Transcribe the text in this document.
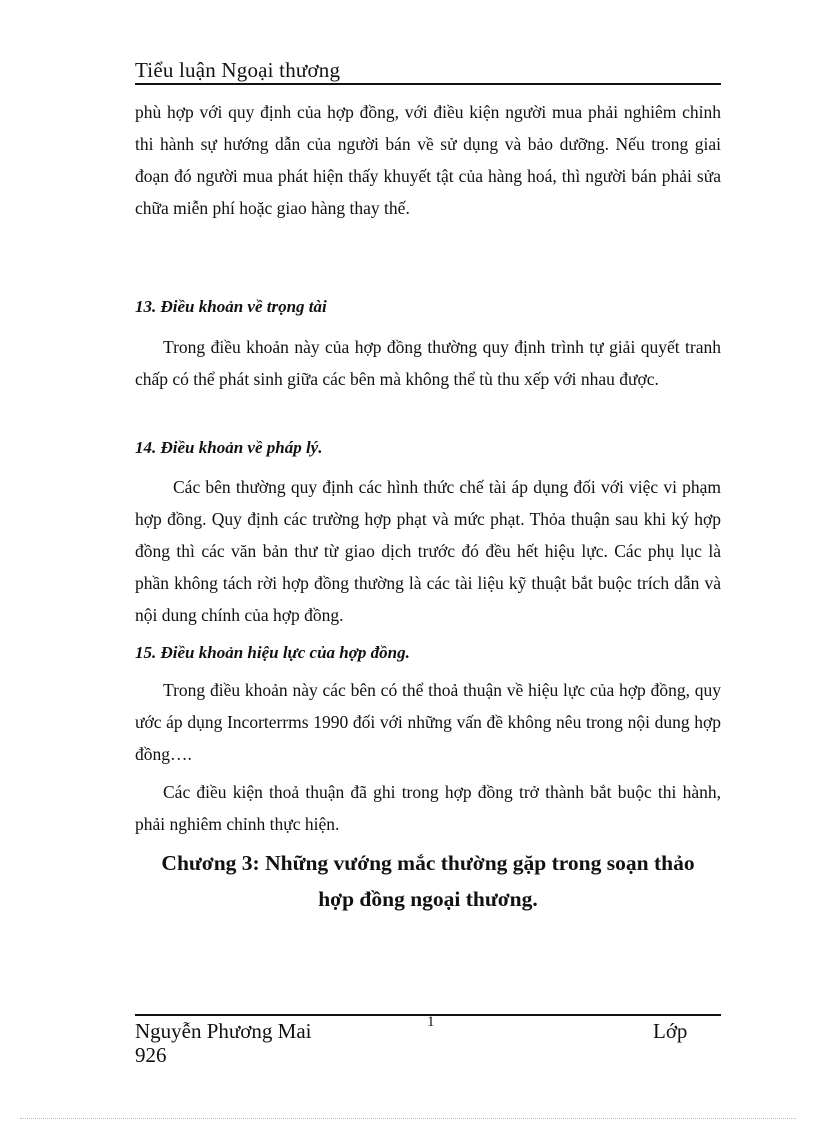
Tiểu luận Ngoại thương

phù hợp với quy định của hợp đồng, với điều kiện người mua phải nghiêm chỉnh thi hành sự hướng dẫn của người bán về sử dụng và bảo dưỡng. Nếu trong giai đoạn đó người mua phát hiện thấy khuyết tật của hàng hoá, thì người bán phải sửa chữa miễn phí hoặc giao hàng thay thế.

13. Điều khoản về trọng tài

Trong điều khoản này của hợp đồng thường quy định trình tự giải quyết tranh chấp có thể phát sinh giữa các bên mà không thể tù thu xếp với nhau được.

14. Điều khoản về pháp lý.

Các bên thường quy định các hình thức chế tài áp dụng đối với việc vi phạm hợp đồng. Quy định các trường hợp phạt và mức phạt. Thỏa thuận sau khi ký hợp đồng thì các văn bản thư từ giao dịch trước đó đều hết hiệu lực. Các phụ lục là phần không tách rời hợp đồng thường là các tài liệu kỹ thuật bắt buộc trích dẫn và nội dung chính của hợp đồng.

15. Điều khoản hiệu lực của hợp đồng.

Trong điều khoản này các bên có thể thoả thuận về hiệu lực của hợp đồng, quy ước áp dụng Incorterrms 1990 đối với những vấn đề không nêu trong nội dung hợp đồng….

Các điều kiện thoả thuận đã ghi trong hợp đồng trở thành bắt buộc thi hành, phải nghiêm chỉnh thực hiện.

Chương 3: Những vướng mắc thường gặp trong soạn thảo

hợp đồng ngoại thương.

Nguyễn Phương Mai	1	Lớp
926
